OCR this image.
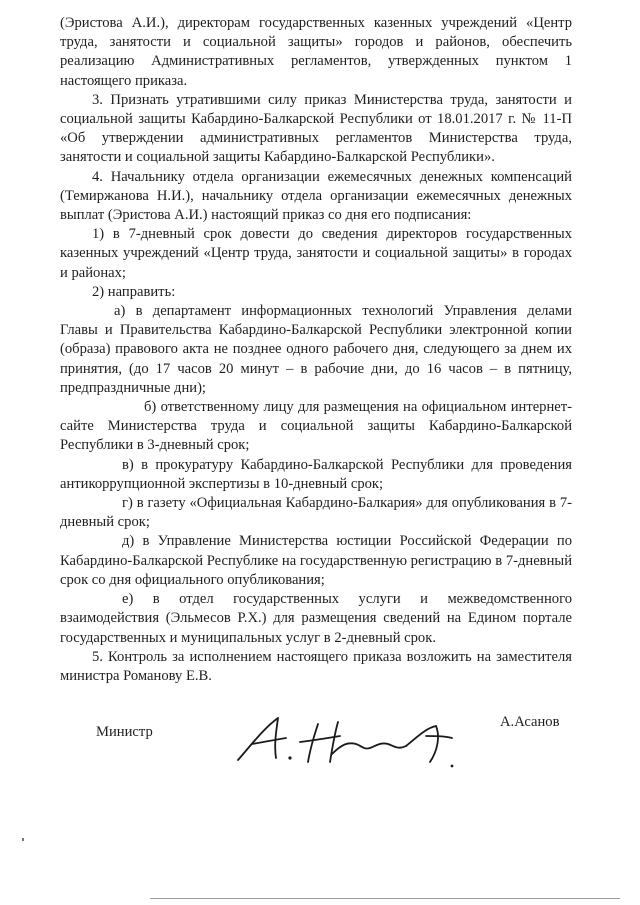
(Эристова А.И.), директорам государственных казенных учреждений «Центр труда, занятости и социальной защиты» городов и районов, обеспечить реализацию Административных регламентов, утвержденных пунктом 1 настоящего приказа.

3. Признать утратившими силу приказ Министерства труда, занятости и социальной защиты Кабардино-Балкарской Республики от 18.01.2017 г. № 11-П «Об утверждении административных регламентов Министерства труда, занятости и социальной защиты Кабардино-Балкарской Республики».

4. Начальнику отдела организации ежемесячных денежных компенсаций (Темиржанова Н.И.), начальнику отдела организации ежемесячных денежных выплат (Эристова А.И.) настоящий приказ со дня его подписания:

1) в 7-дневный срок довести до сведения директоров государственных казенных учреждений «Центр труда, занятости и социальной защиты» в городах и районах;

2) направить:

а) в департамент информационных технологий Управления делами Главы и Правительства Кабардино-Балкарской Республики электронной копии (образа) правового акта не позднее одного рабочего дня, следующего за днем их принятия, (до 17 часов 20 минут – в рабочие дни, до 16 часов – в пятницу, предпраздничные дни);

б) ответственному лицу для размещения на официальном интернет-сайте Министерства труда и социальной защиты Кабардино-Балкарской Республики в 3-дневный срок;

в) в прокуратуру Кабардино-Балкарской Республики для проведения антикоррупционной экспертизы в 10-дневный срок;

г) в газету «Официальная Кабардино-Балкария» для опубликования в 7-дневный срок;

д) в Управление Министерства юстиции Российской Федерации по Кабардино-Балкарской Республике на государственную регистрацию в 7-дневный срок со дня официального опубликования;

е) в отдел государственных услуги и межведомственного взаимодействия (Эльмесов Р.Х.) для размещения сведений на Едином портале государственных и муниципальных услуг в 2-дневный срок.

5. Контроль за исполнением настоящего приказа возложить на заместителя министра Романову Е.В.

Министр
А.Асанов
